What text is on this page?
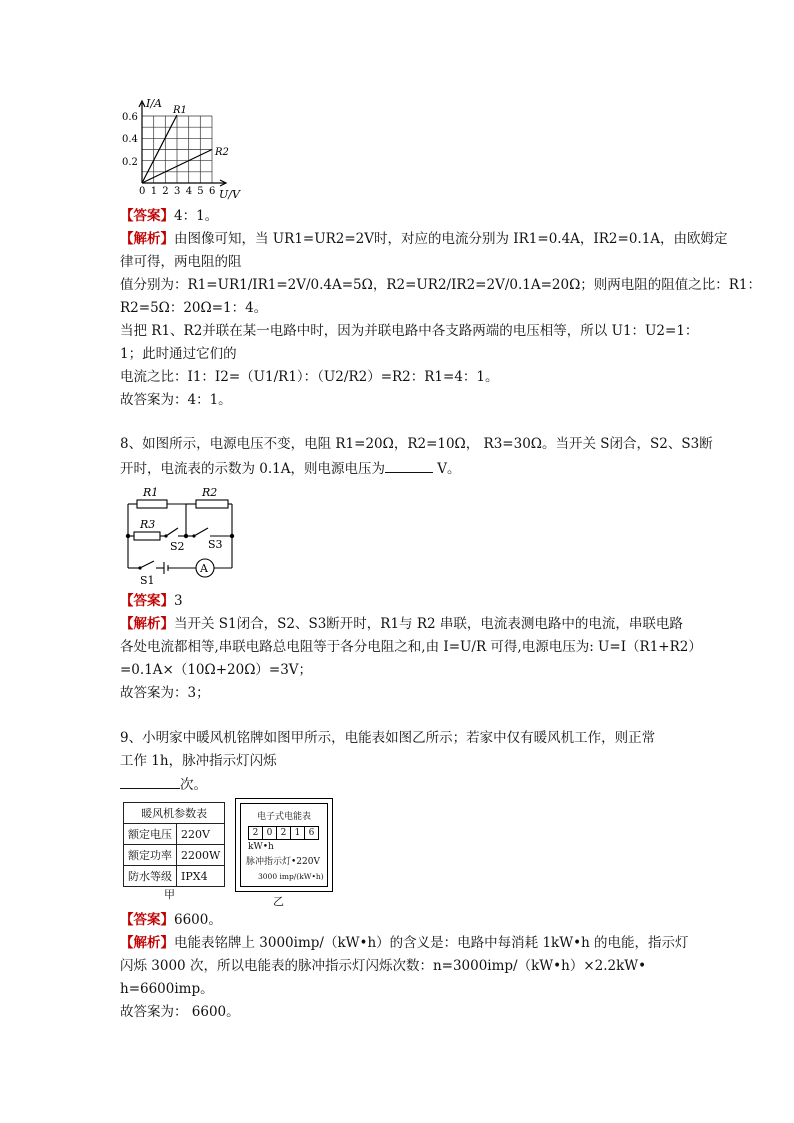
I/A
0.6
0.4
0.2
0 1 2 3 4 5 6 U/V
R1
R2
【答案】4：1。
【解析】由图像可知，当 UR1=UR2=2V时，对应的电流分别为 IR1=0.4A，IR2=0.1A，由欧姆定
律可得，两电阻的阻
值分别为：R1=UR1/IR1=2V/0.4A=5Ω，R2=UR2/IR2=2V/0.1A=20Ω；则两电阻的阻值之比：R1：
R2=5Ω：20Ω=1：4。
当把 R1、R2并联在某一电路中时，因为并联电路中各支路两端的电压相等，所以 U1：U2=1：
1；此时通过它们的
电流之比：I1：I2=（U1/R1）：（U2/R2）=R2：R1=4：1。
故答案为：4：1。
8、如图所示，电源电压不变，电阻 R1=20Ω，R2=10Ω， R3=30Ω。当开关 S闭合，S2、S3断
开时，电流表的示数为 0.1A，则电源电压为	V。
R1	R2
R3
S2 S3
S1
A
【答案】3
【解析】当开关 S1闭合，S2、S3断开时，R1与 R2 串联，电流表测电路中的电流，串联电路
各处电流都相等,串联电路总电阻等于各分电阻之和,由 I=U/R 可得,电源电压为: U=I（R1+R2）
=0.1A×（10Ω+20Ω）=3V；
故答案为：3；
9、小明家中暖风机铭牌如图甲所示，电能表如图乙所示；若家中仅有暖风机工作，则正常
工作 1h，脉冲指示灯闪烁
次。
暖风机参数表	
额定电压	220V
额定功率	2200W
防水等级	IPX4
甲
电子式电能表
2 0 2 1 6
kW•h
脉冲指示灯•220V
3000 imp/(kW•h)
乙
【答案】6600。
【解析】电能表铭牌上 3000imp/（kW•h）的含义是：电路中每消耗 1kW•h 的电能，指示灯
闪烁 3000 次，所以电能表的脉冲指示灯闪烁次数：n=3000imp/（kW•h）×2.2kW•
h=6600imp。
故答案为： 6600。
